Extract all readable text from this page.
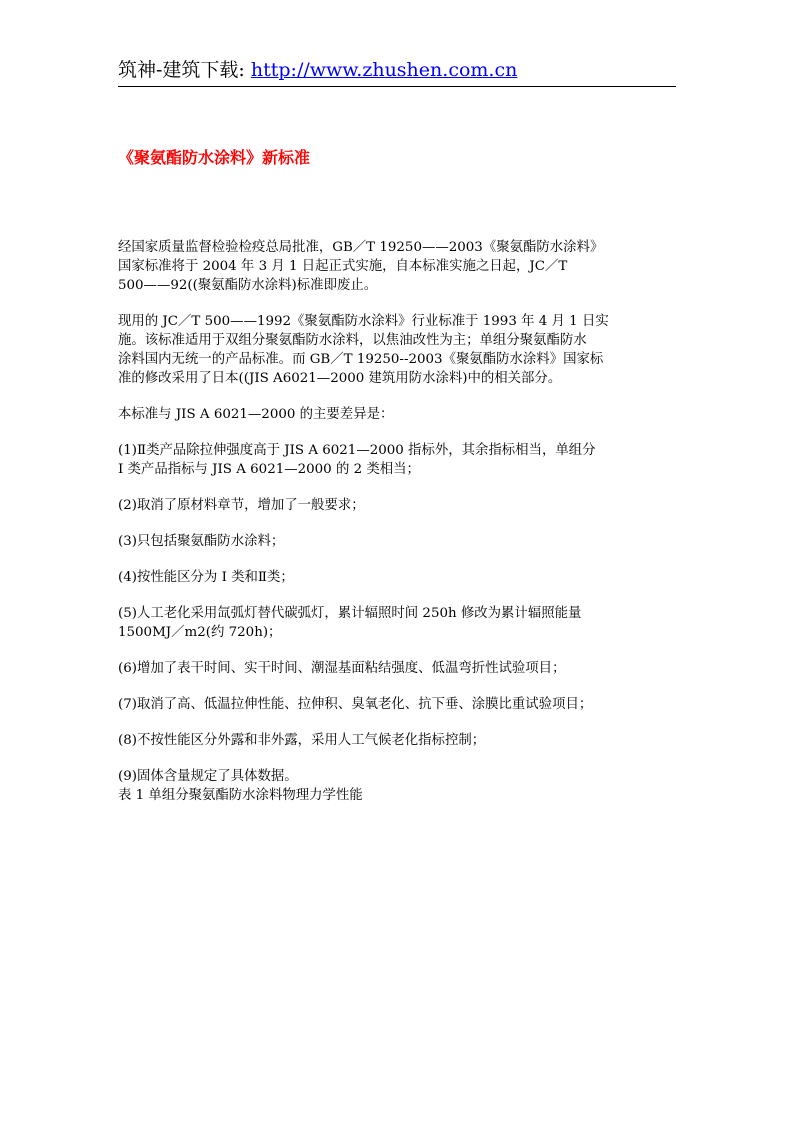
筑神-建筑下载: http://www.zhushen.com.cn
《聚氨酯防水涂料》新标准
经国家质量监督检验检疫总局批准，GB／T 19250——2003《聚氨酯防水涂料》
国家标准将于 2004 年 3 月 1 日起正式实施，自本标准实施之日起，JC／T
500——92((聚氨酯防水涂料)标准即废止。
现用的 JC／T 500——1992《聚氨酯防水涂料》行业标准于 1993 年 4 月 1 日实
施。该标准适用于双组分聚氨酯防水涂料，以焦油改性为主；单组分聚氨酯防水
涂料国内无统一的产品标准。而 GB／T 19250--2003《聚氨酯防水涂料》国家标
准的修改采用了日本((JIS A6021—2000 建筑用防水涂料)中的相关部分。
本标准与 JIS A 6021—2000 的主要差异是：
(1)Ⅱ类产品除拉伸强度高于 JIS A 6021—2000 指标外，其余指标相当，单组分
I 类产品指标与 JIS A 6021—2000 的 2 类相当；
(2)取消了原材料章节，增加了一般要求；
(3)只包括聚氨酯防水涂料；
(4)按性能区分为 I 类和Ⅱ类；
(5)人工老化采用氙弧灯替代碳弧灯，累计辐照时间 250h 修改为累计辐照能量
1500MJ／m2(约 720h)；
(6)增加了表干时间、实干时间、潮湿基面粘结强度、低温弯折性试验项目；
(7)取消了高、低温拉伸性能、拉伸积、臭氧老化、抗下垂、涂膜比重试验项目；
(8)不按性能区分外露和非外露，采用人工气候老化指标控制；
(9)固体含量规定了具体数据。
表 1 单组分聚氨酯防水涂料物理力学性能
